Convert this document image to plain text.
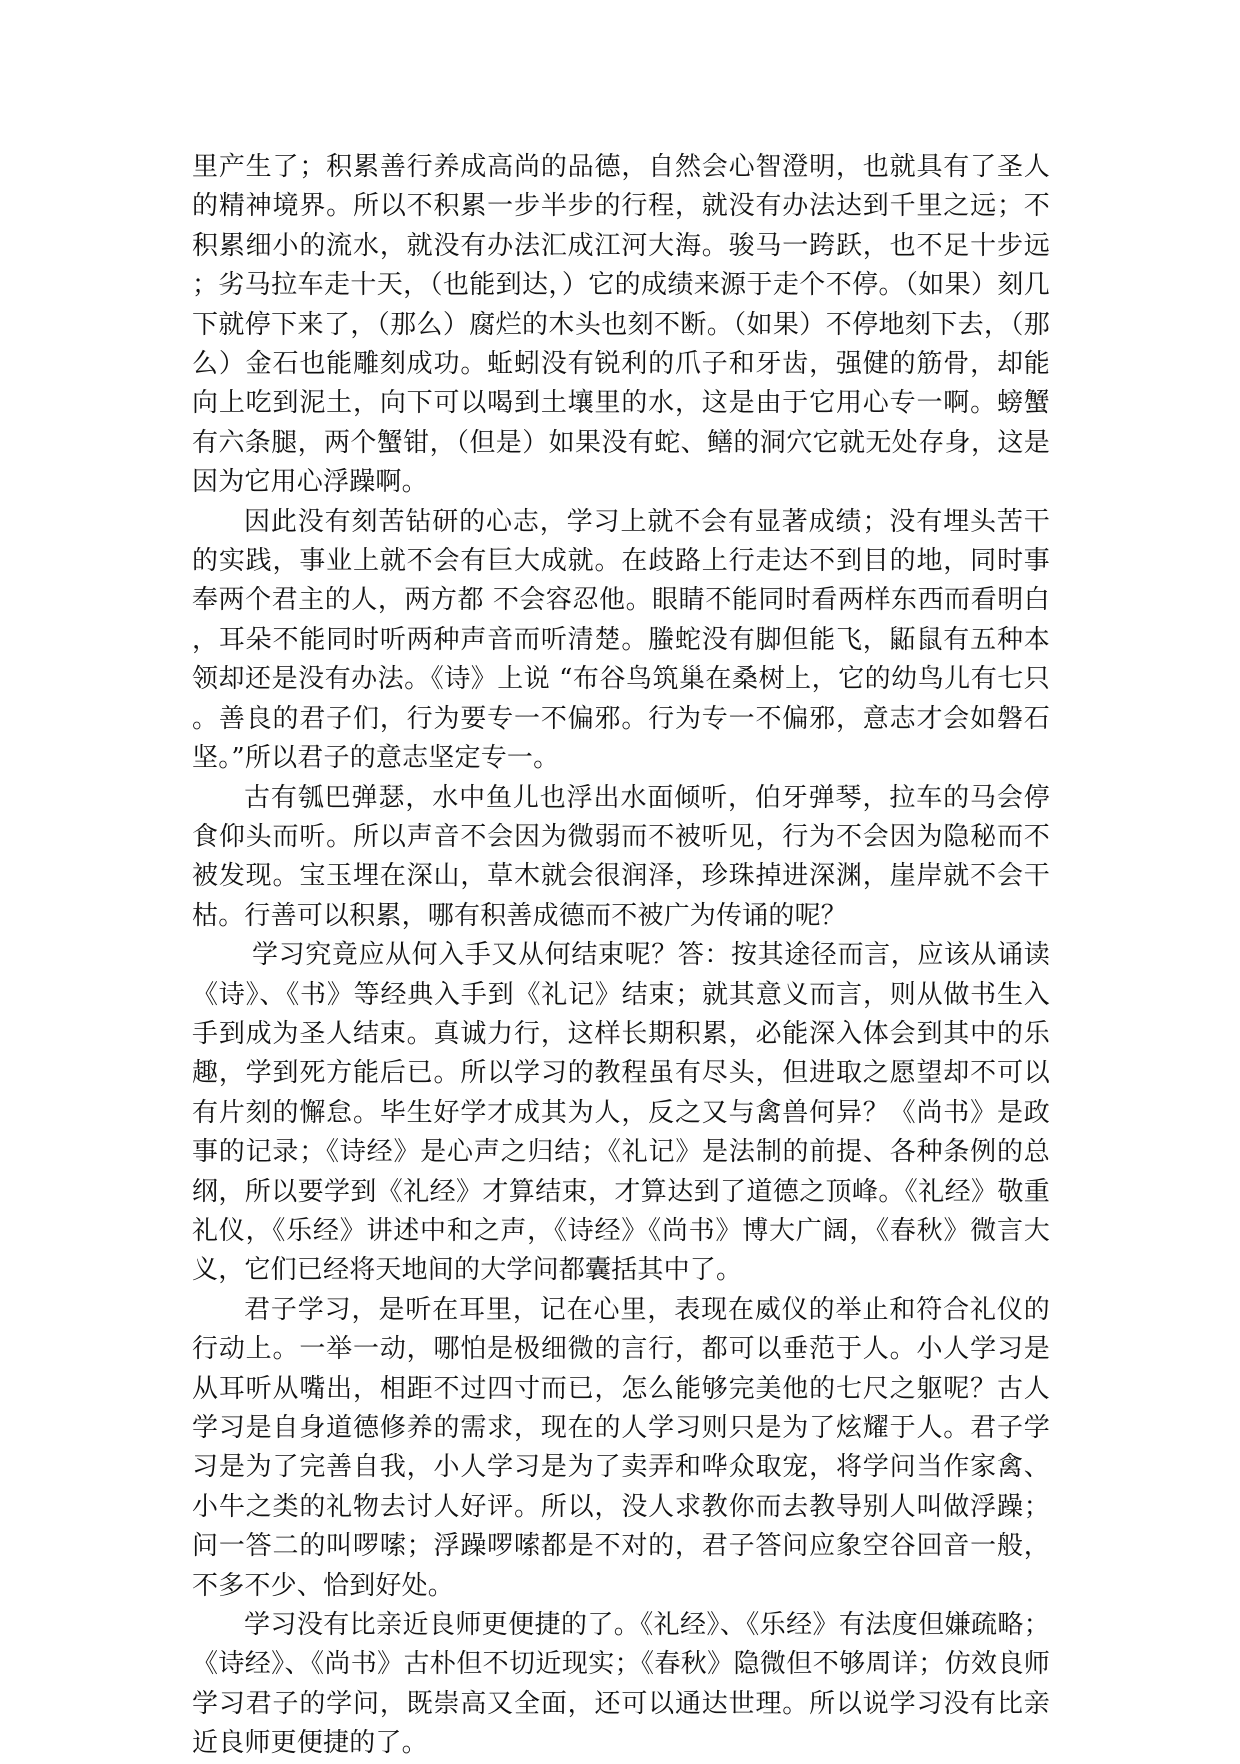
里产生了；积累善行养成高尚的品德，自然会心智澄明，也就具有了圣人的精神境界。所以不积累一步半步的行程，就没有办法达到千里之远；不积累细小的流水，就没有办法汇成江河大海。骏马一跨跃，也不足十步远；劣马拉车走十天，（也能到达，）它的成绩来源于走个不停。（如果）刻几下就停下来了，（那么）腐烂的木头也刻不断。（如果）不停地刻下去，（那么）金石也能雕刻成功。蚯蚓没有锐利的爪子和牙齿，强健的筋骨，却能向上吃到泥土，向下可以喝到土壤里的水，这是由于它用心专一啊。螃蟹有六条腿，两个蟹钳，（但是）如果没有蛇、鳝的洞穴它就无处存身，这是因为它用心浮躁啊。

因此没有刻苦钻研的心志，学习上就不会有显著成绩；没有埋头苦干的实践，事业上就不会有巨大成就。在歧路上行走达不到目的地，同时事奉两个君主的人，两方都 不会容忍他。眼睛不能同时看两样东西而看明白，耳朵不能同时听两种声音而听清楚。螣蛇没有脚但能飞，鼫鼠有五种本领却还是没有办法。《诗》上说 “布谷鸟筑巢在桑树上，它的幼鸟儿有七只。善良的君子们，行为要专一不偏邪。行为专一不偏邪，意志才会如磐石坚。”所以君子的意志坚定专一。

古有瓠巴弹瑟，水中鱼儿也浮出水面倾听，伯牙弹琴，拉车的马会停食仰头而听。所以声音不会因为微弱而不被听见，行为不会因为隐秘而不被发现。宝玉埋在深山，草木就会很润泽，珍珠掉进深渊，崖岸就不会干枯。行善可以积累，哪有积善成德而不被广为传诵的呢？

学习究竟应从何入手又从何结束呢？答：按其途径而言，应该从诵读《诗》、《书》等经典入手到《礼记》结束；就其意义而言，则从做书生入手到成为圣人结束。真诚力行，这样长期积累，必能深入体会到其中的乐趣，学到死方能后已。所以学习的教程虽有尽头，但进取之愿望却不可以有片刻的懈怠。毕生好学才成其为人，反之又与禽兽何异？《尚书》是政事的记录；《诗经》是心声之归结；《礼记》是法制的前提、各种条例的总纲，所以要学到《礼经》才算结束，才算达到了道德之顶峰。《礼经》敬重礼仪，《乐经》讲述中和之声，《诗经》《尚书》博大广阔，《春秋》微言大义，它们已经将天地间的大学问都囊括其中了。

君子学习，是听在耳里，记在心里，表现在威仪的举止和符合礼仪的行动上。一举一动，哪怕是极细微的言行，都可以垂范于人。小人学习是从耳听从嘴出，相距不过四寸而已，怎么能够完美他的七尺之躯呢？古人学习是自身道德修养的需求，现在的人学习则只是为了炫耀于人。君子学习是为了完善自我，小人学习是为了卖弄和哗众取宠，将学问当作家禽、小牛之类的礼物去讨人好评。所以，没人求教你而去教导别人叫做浮躁；问一答二的叫啰嗦；浮躁啰嗦都是不对的，君子答问应象空谷回音一般，不多不少、恰到好处。

学习没有比亲近良师更便捷的了。《礼经》、《乐经》有法度但嫌疏略；《诗经》、《尚书》古朴但不切近现实；《春秋》隐微但不够周详；仿效良师学习君子的学问，既崇高又全面，还可以通达世理。所以说学习没有比亲近良师更便捷的了。
